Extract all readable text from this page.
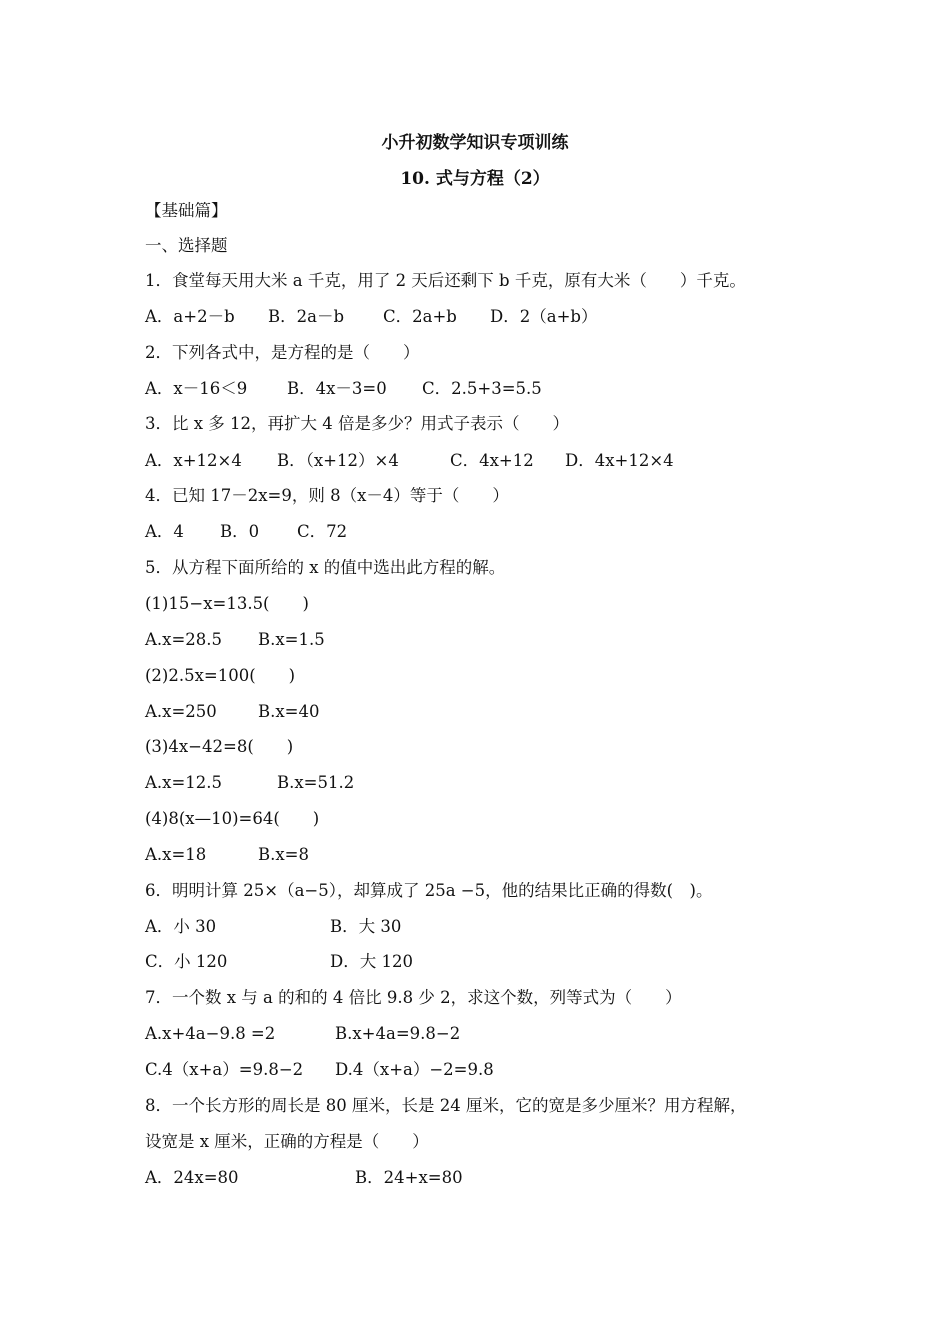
小升初数学知识专项训练
10. 式与方程（2）
【基础篇】
一、选择题
1．食堂每天用大米 a 千克，用了 2 天后还剩下 b 千克，原有大米（　　）千克。
A．a+2－b B．2a－b C．2a+b D．2（a+b）
2．下列各式中，是方程的是（　　）
A．x－16＜9 B．4x－3=0 C．2.5+3=5.5
3．比 x 多 12，再扩大 4 倍是多少？用式子表示（　　）
A．x+12×4 B．（x+12）×4	C．4x+12 D．4x+12×4
4．已知 17－2x=9，则 8（x－4）等于（　　）
A．4 B．0 C．72
5．从方程下面所给的 x 的值中选出此方程的解。
(1)15−x=13.5(　　)
A.x=28.5 B.x=1.5
(2)2.5x=100(　　)
A.x=250 B.x=40
(3)4x−42=8(　　)
A.x=12.5	B.x=51.2
(4)8(x—10)=64(　　)
A.x=18	B.x=8
6．明明计算 25×（a−5），却算成了 25a −5，他的结果比正确的得数(　)。
A．小 30	B．大 30
C．小 120	D．大 120
7．一个数 x 与 a 的和的 4 倍比 9.8 少 2，求这个数，列等式为（　　）
A.x+4a−9.8 =2	B.x+4a=9.8−2
C.4（x+a）=9.8−2 D.4（x+a）−2=9.8
8．一个长方形的周长是 80 厘米，长是 24 厘米，它的宽是多少厘米？用方程解，
设宽是 x 厘米，正确的方程是（　　）
A．24x=80	B．24+x=80
